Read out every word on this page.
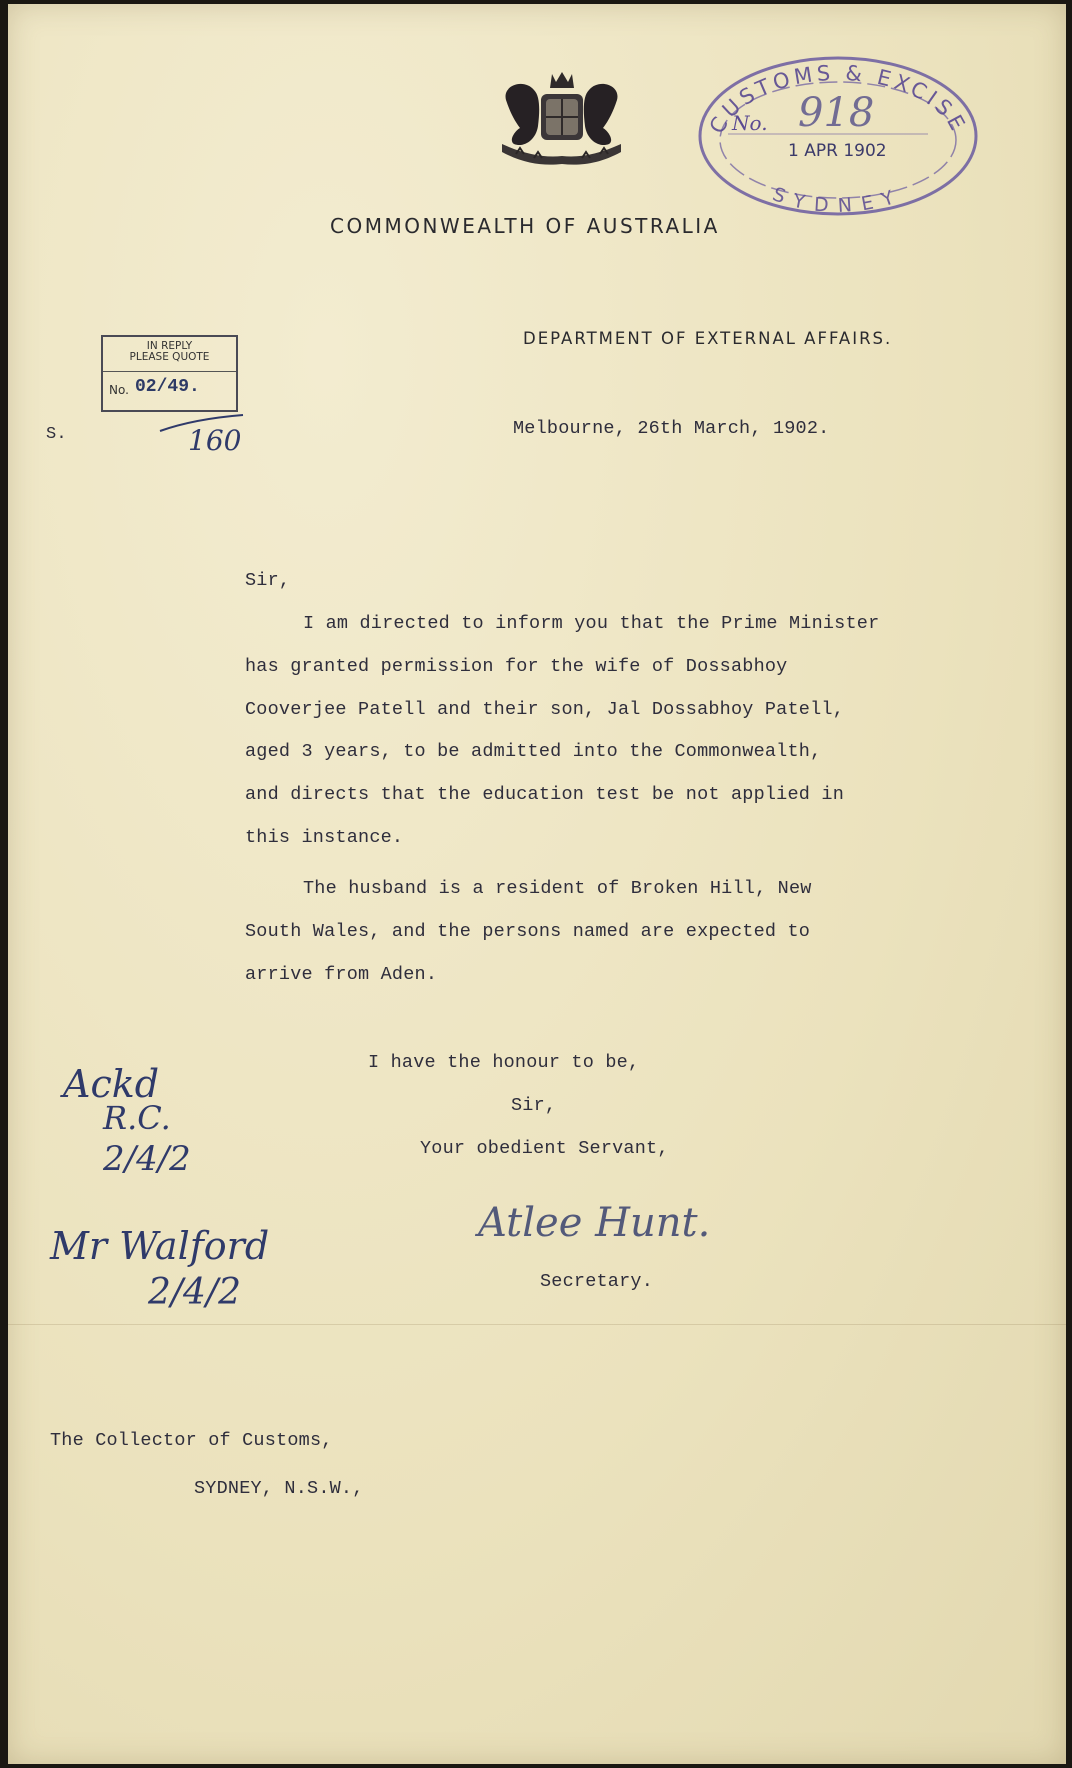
CUSTOMS & EXCISE
No. 918
1 APR 1902
SYDNEY
COMMONWEALTH OF AUSTRALIA
DEPARTMENT OF EXTERNAL AFFAIRS.
IN REPLY
PLEASE QUOTE
No. 02/49.
S.	160	Melbourne, 26th March, 1902.
Sir,
I am directed to inform you that the Prime Minister
has granted permission for the wife of Dossabhoy
Cooverjee Patell and their son, Jal Dossabhoy Patell,
aged 3 years, to be admitted into the Commonwealth,
and directs that the education test be not applied in
this instance.
The husband is a resident of Broken Hill, New
South Wales, and the persons named are expected to
arrive from Aden.
I have the honour to be,
Sir,
Your obedient Servant,
Atlee Hunt.
Secretary.
Ackd
R.C.
2/4/2
Mr Walford
2/4/2
The Collector of Customs,
SYDNEY, N.S.W.,
